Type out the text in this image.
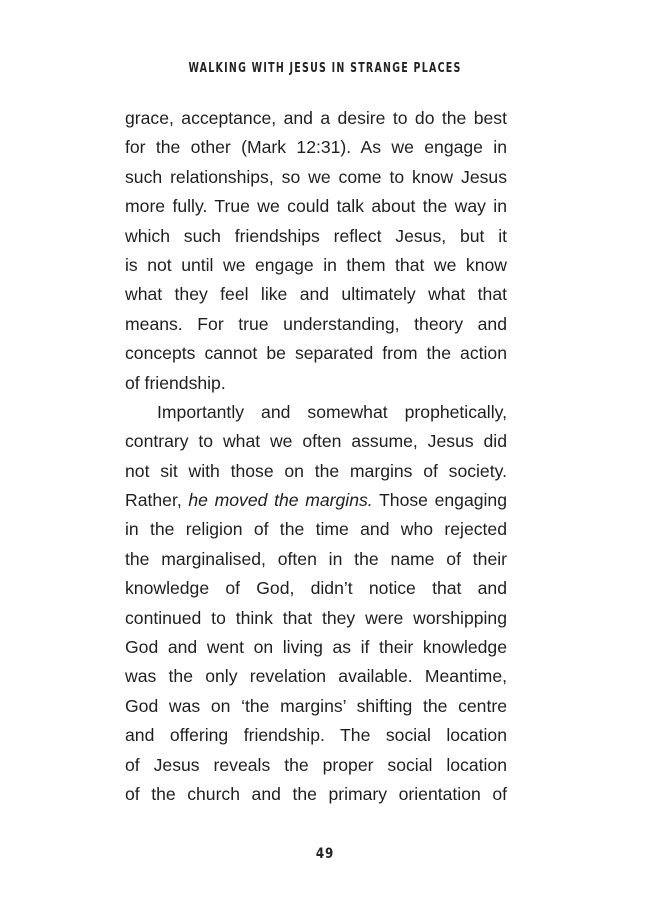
WALKING WITH JESUS IN STRANGE PLACES
grace, acceptance, and a desire to do the best
for the other (Mark 12:31). As we engage in
such relationships, so we come to know Jesus
more fully. True we could talk about the way in
which such friendships reflect Jesus, but it
is not until we engage in them that we know
what they feel like and ultimately what that
means. For true understanding, theory and
concepts cannot be separated from the action
of friendship.
Importantly and somewhat prophetically,
contrary to what we often assume, Jesus did
not sit with those on the margins of society.
Rather, he moved the margins. Those engaging
in the religion of the time and who rejected
the marginalised, often in the name of their
knowledge of God, didn’t notice that and
continued to think that they were worshipping
God and went on living as if their knowledge
was the only revelation available. Meantime,
God was on ‘the margins’ shifting the centre
and offering friendship. The social location
of Jesus reveals the proper social location
of the church and the primary orientation of
49
